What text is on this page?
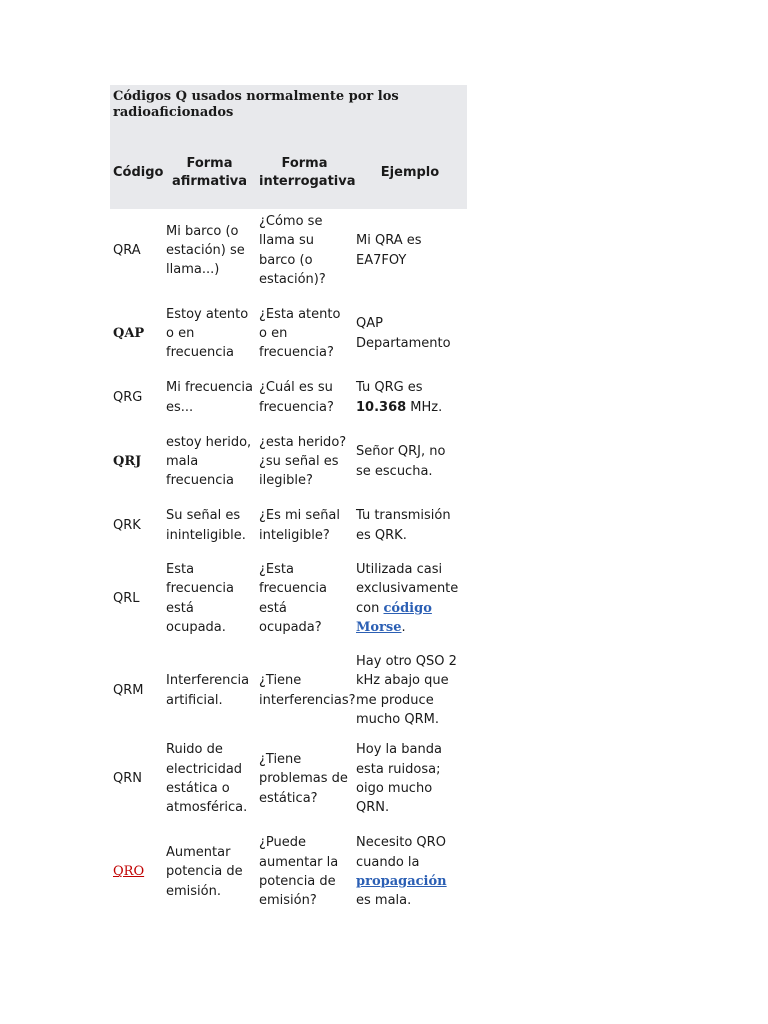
Códigos Q usados normalmente por los radioaficionados
Código	Forma afirmativa	Forma interrogativa	Ejemplo
QRA	Mi barco (o estación) se llama...)	¿Cómo se llama su barco (o estación)?	Mi QRA es EA7FOY
QAP	Estoy atento o en frecuencia	¿Esta atento o en frecuencia?	QAP Departamento
QRG	Mi frecuencia es...	¿Cuál es su frecuencia?	Tu QRG es 10.368 MHz.
QRJ	estoy herido, mala frecuencia	¿esta herido? ¿su señal es ilegible?	Señor QRJ, no se escucha.
QRK	Su señal es ininteligible.	¿Es mi señal inteligible?	Tu transmisión es QRK.
QRL	Esta frecuencia está ocupada.	¿Esta frecuencia está ocupada?	Utilizada casi exclusivamente con código Morse.
QRM	Interferencia artificial.	¿Tiene interferencias?	Hay otro QSO 2 kHz abajo que me produce mucho QRM.
QRN	Ruido de electricidad estática o atmosférica.	¿Tiene problemas de estática?	Hoy la banda esta ruidosa; oigo mucho QRN.
QRO	Aumentar potencia de emisión.	¿Puede aumentar la potencia de emisión?	Necesito QRO cuando la propagación es mala.
